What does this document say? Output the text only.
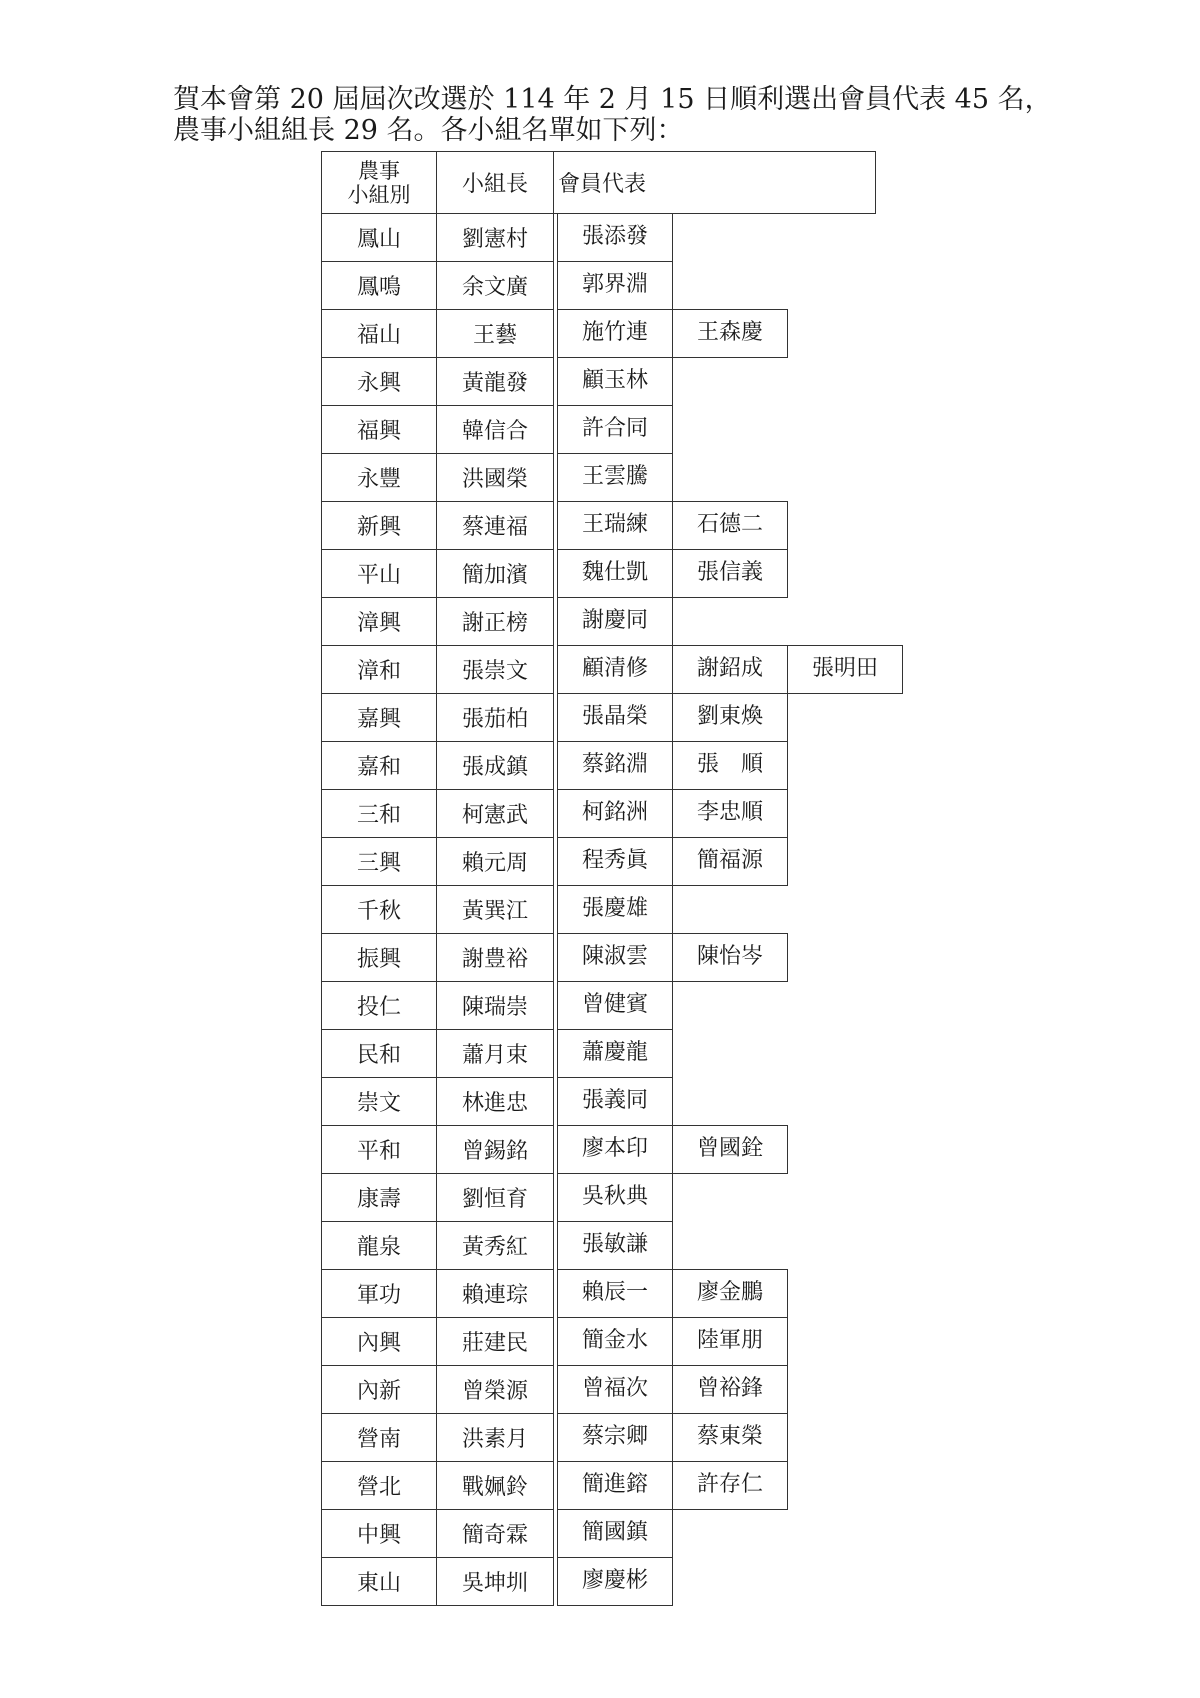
賀本會第 20 屆屆次改選於 114 年 2 月 15 日順利選出會員代表 45 名，
農事小組組長 29 名。各小組名單如下列：
農事
小組別	小組長	會員代表
鳳山	劉憲村	張添發
鳳鳴	余文廣	郭界淵
福山	王藝	施竹連	王森慶
永興	黃龍發	顧玉林
福興	韓信合	許合同
永豐	洪國榮	王雲騰
新興	蔡連福	王瑞練	石德二
平山	簡加濱	魏仕凱	張信義
漳興	謝正榜	謝慶同
漳和	張崇文	顧清修	謝鉊成	張明田
嘉興	張茄柏	張晶榮	劉東煥
嘉和	張成鎮	蔡銘淵	張　順
三和	柯憲武	柯銘洲	李忠順
三興	賴元周	程秀眞	簡福源
千秋	黃巽江	張慶雄
振興	謝豊裕	陳淑雲	陳怡岑
投仁	陳瑞崇	曾健賓
民和	蕭月束	蕭慶龍
崇文	林進忠	張義同
平和	曾錫銘	廖本印	曾國銓
康壽	劉恒育	吳秋典
龍泉	黃秀紅	張敏謙
軍功	賴連琮	賴辰一	廖金鵬
內興	莊建民	簡金水	陸軍朋
內新	曾榮源	曾福次	曾裕鋒
營南	洪素月	蔡宗卿	蔡東榮
營北	戰姵鈴	簡進鎔	許存仁
中興	簡奇霖	簡國鎮
東山	吳坤圳	廖慶彬
